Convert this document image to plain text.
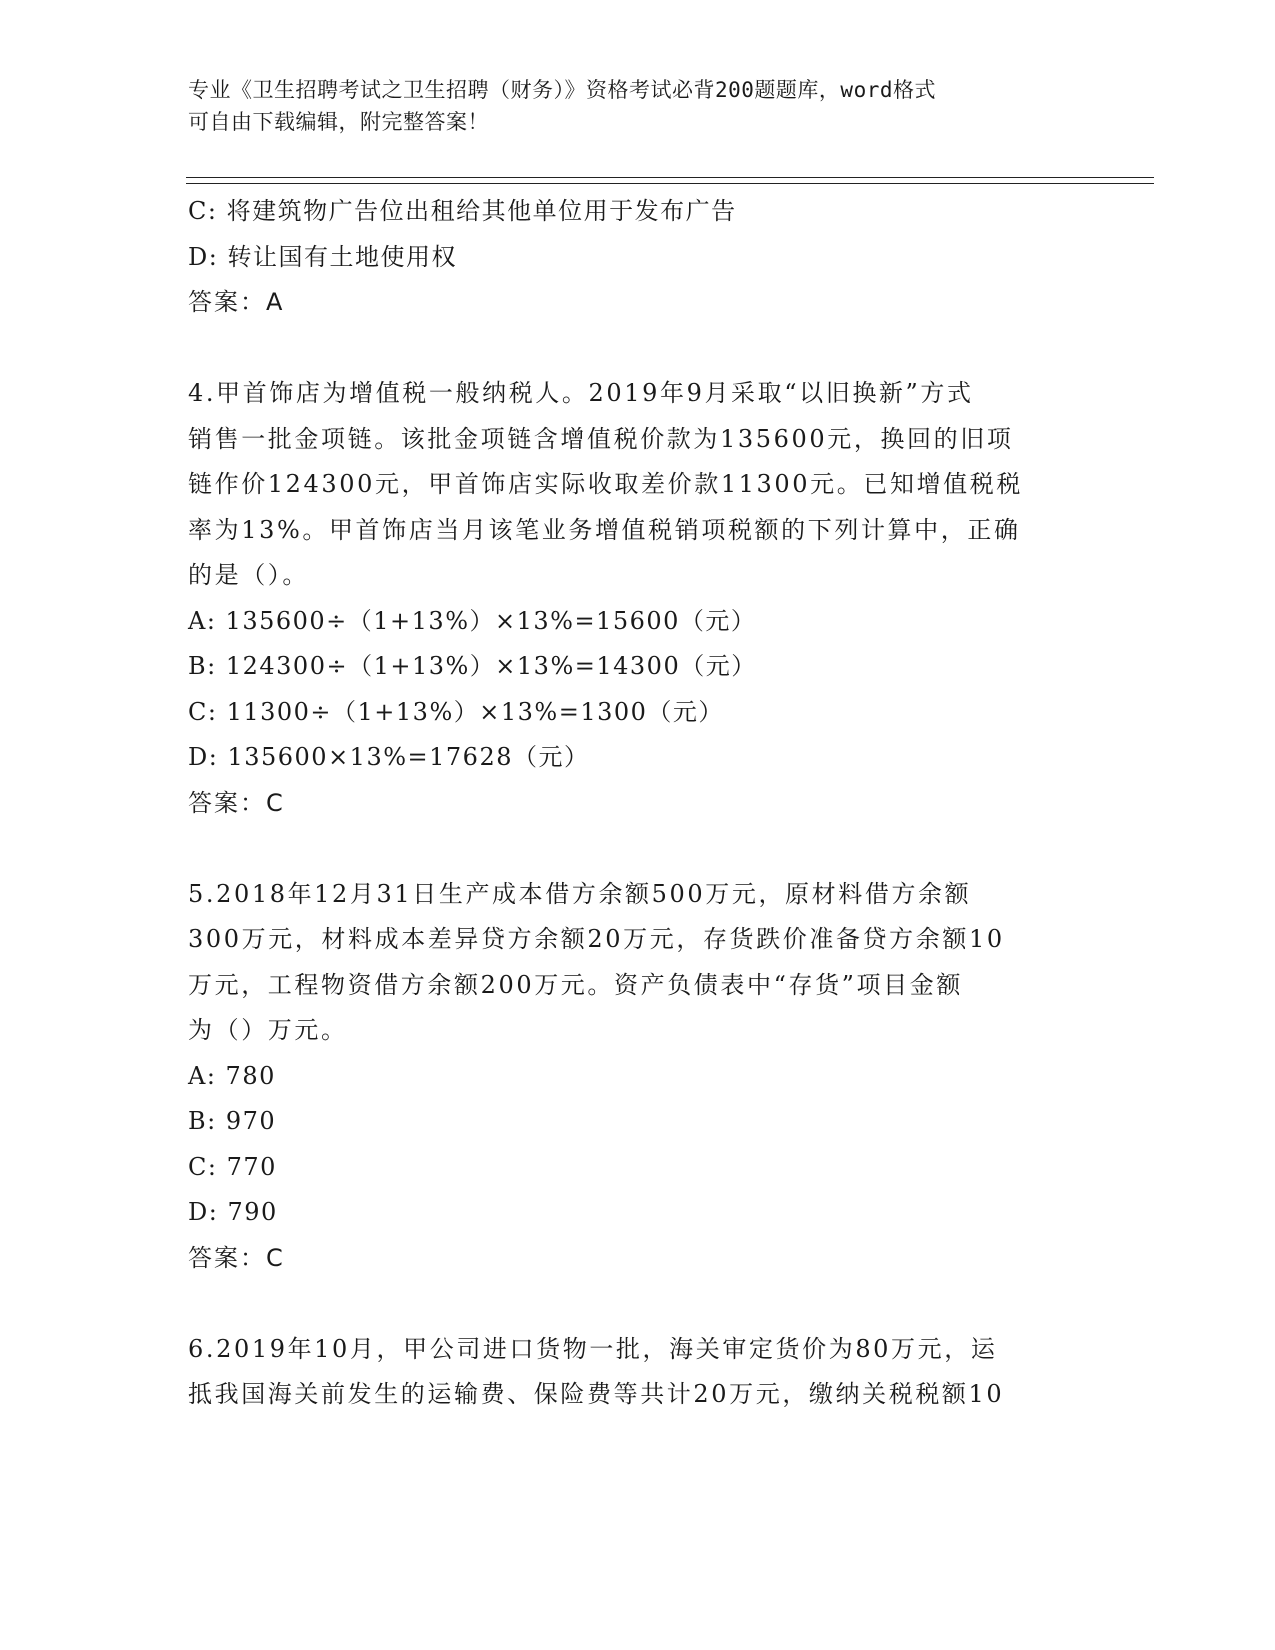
专业《卫生招聘考试之卫生招聘（财务）》资格考试必背200题题库，word格式
可自由下载编辑，附完整答案！
C: 将建筑物广告位出租给其他单位用于发布广告
D: 转让国有土地使用权
答案：A
4.甲首饰店为增值税一般纳税人。2019年9月采取“以旧换新”方式
销售一批金项链。该批金项链含增值税价款为135600元，换回的旧项
链作价124300元，甲首饰店实际收取差价款11300元。已知增值税税
率为13%。甲首饰店当月该笔业务增值税销项税额的下列计算中，正确
的是（）。
A: 135600÷（1+13%）×13%=15600（元）
B: 124300÷（1+13%）×13%=14300（元）
C: 11300÷（1+13%）×13%=1300（元）
D: 135600×13%=17628（元）
答案：C
5.2018年12月31日生产成本借方余额500万元，原材料借方余额
300万元，材料成本差异贷方余额20万元，存货跌价准备贷方余额10
万元，工程物资借方余额200万元。资产负债表中“存货”项目金额
为（）万元。
A: 780
B: 970
C: 770
D: 790
答案：C
6.2019年10月，甲公司进口货物一批，海关审定货价为80万元，运
抵我国海关前发生的运输费、保险费等共计20万元，缴纳关税税额10
